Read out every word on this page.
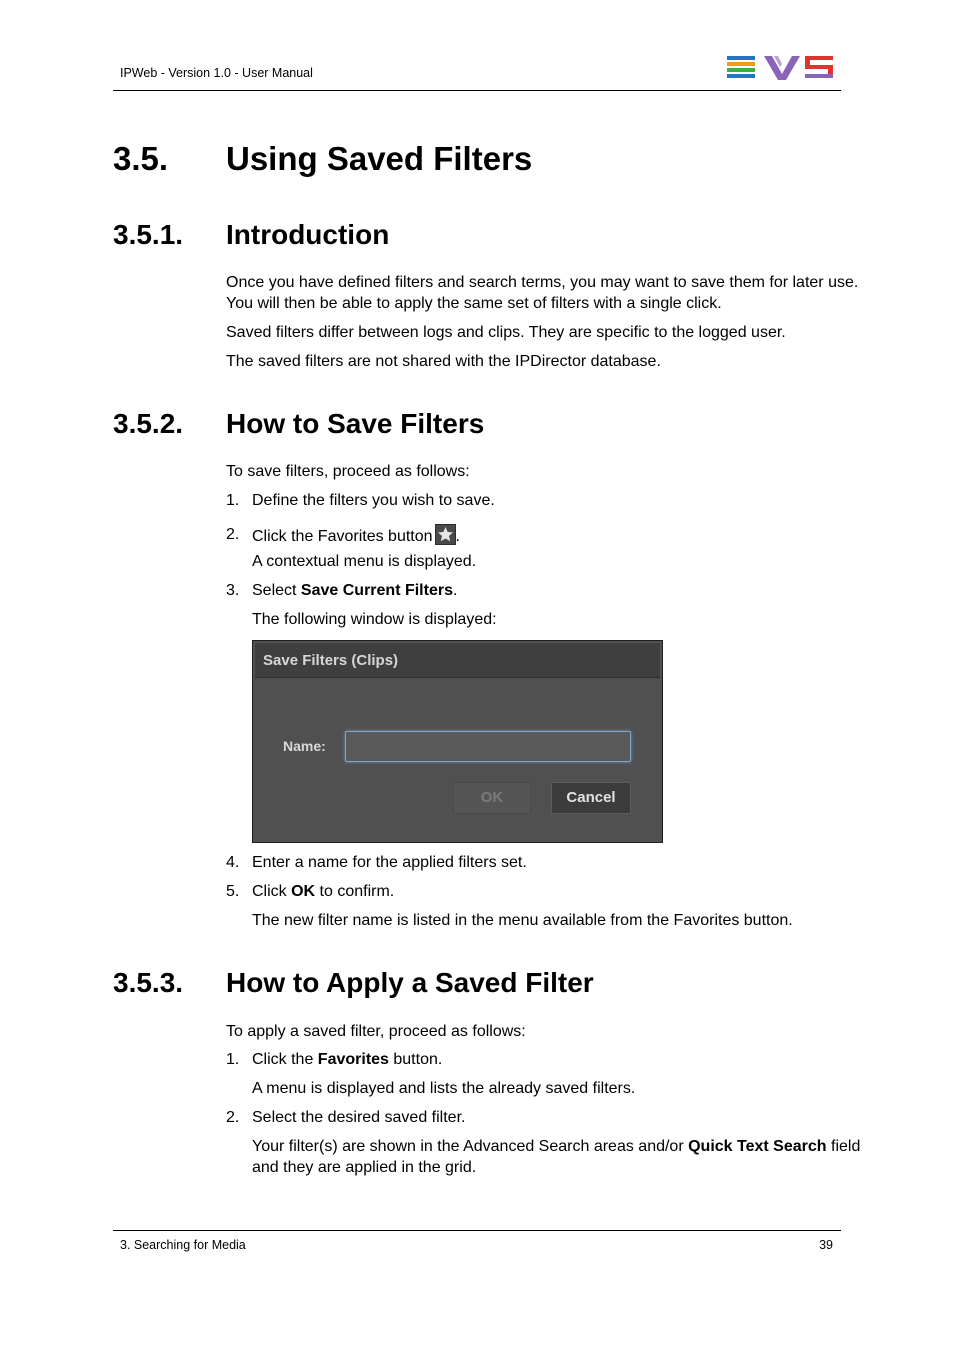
IPWeb - Version 1.0 - User Manual
3.5. Using Saved Filters
3.5.1. Introduction
Once you have defined filters and search terms, you may want to save them for later use.
You will then be able to apply the same set of filters with a single click.
Saved filters differ between logs and clips. They are specific to the logged user.
The saved filters are not shared with the IPDirector database.
3.5.2. How to Save Filters
To save filters, proceed as follows:
1. Define the filters you wish to save.
2. Click the Favorites button .
A contextual menu is displayed.
3. Select Save Current Filters.
The following window is displayed:
Save Filters (Clips)
Name:
OK	Cancel
4. Enter a name for the applied filters set.
5. Click OK to confirm.
The new filter name is listed in the menu available from the Favorites button.
3.5.3. How to Apply a Saved Filter
To apply a saved filter, proceed as follows:
1. Click the Favorites button.
A menu is displayed and lists the already saved filters.
2. Select the desired saved filter.
Your filter(s) are shown in the Advanced Search areas and/or Quick Text Search field
and they are applied in the grid.
3. Searching for Media	39
